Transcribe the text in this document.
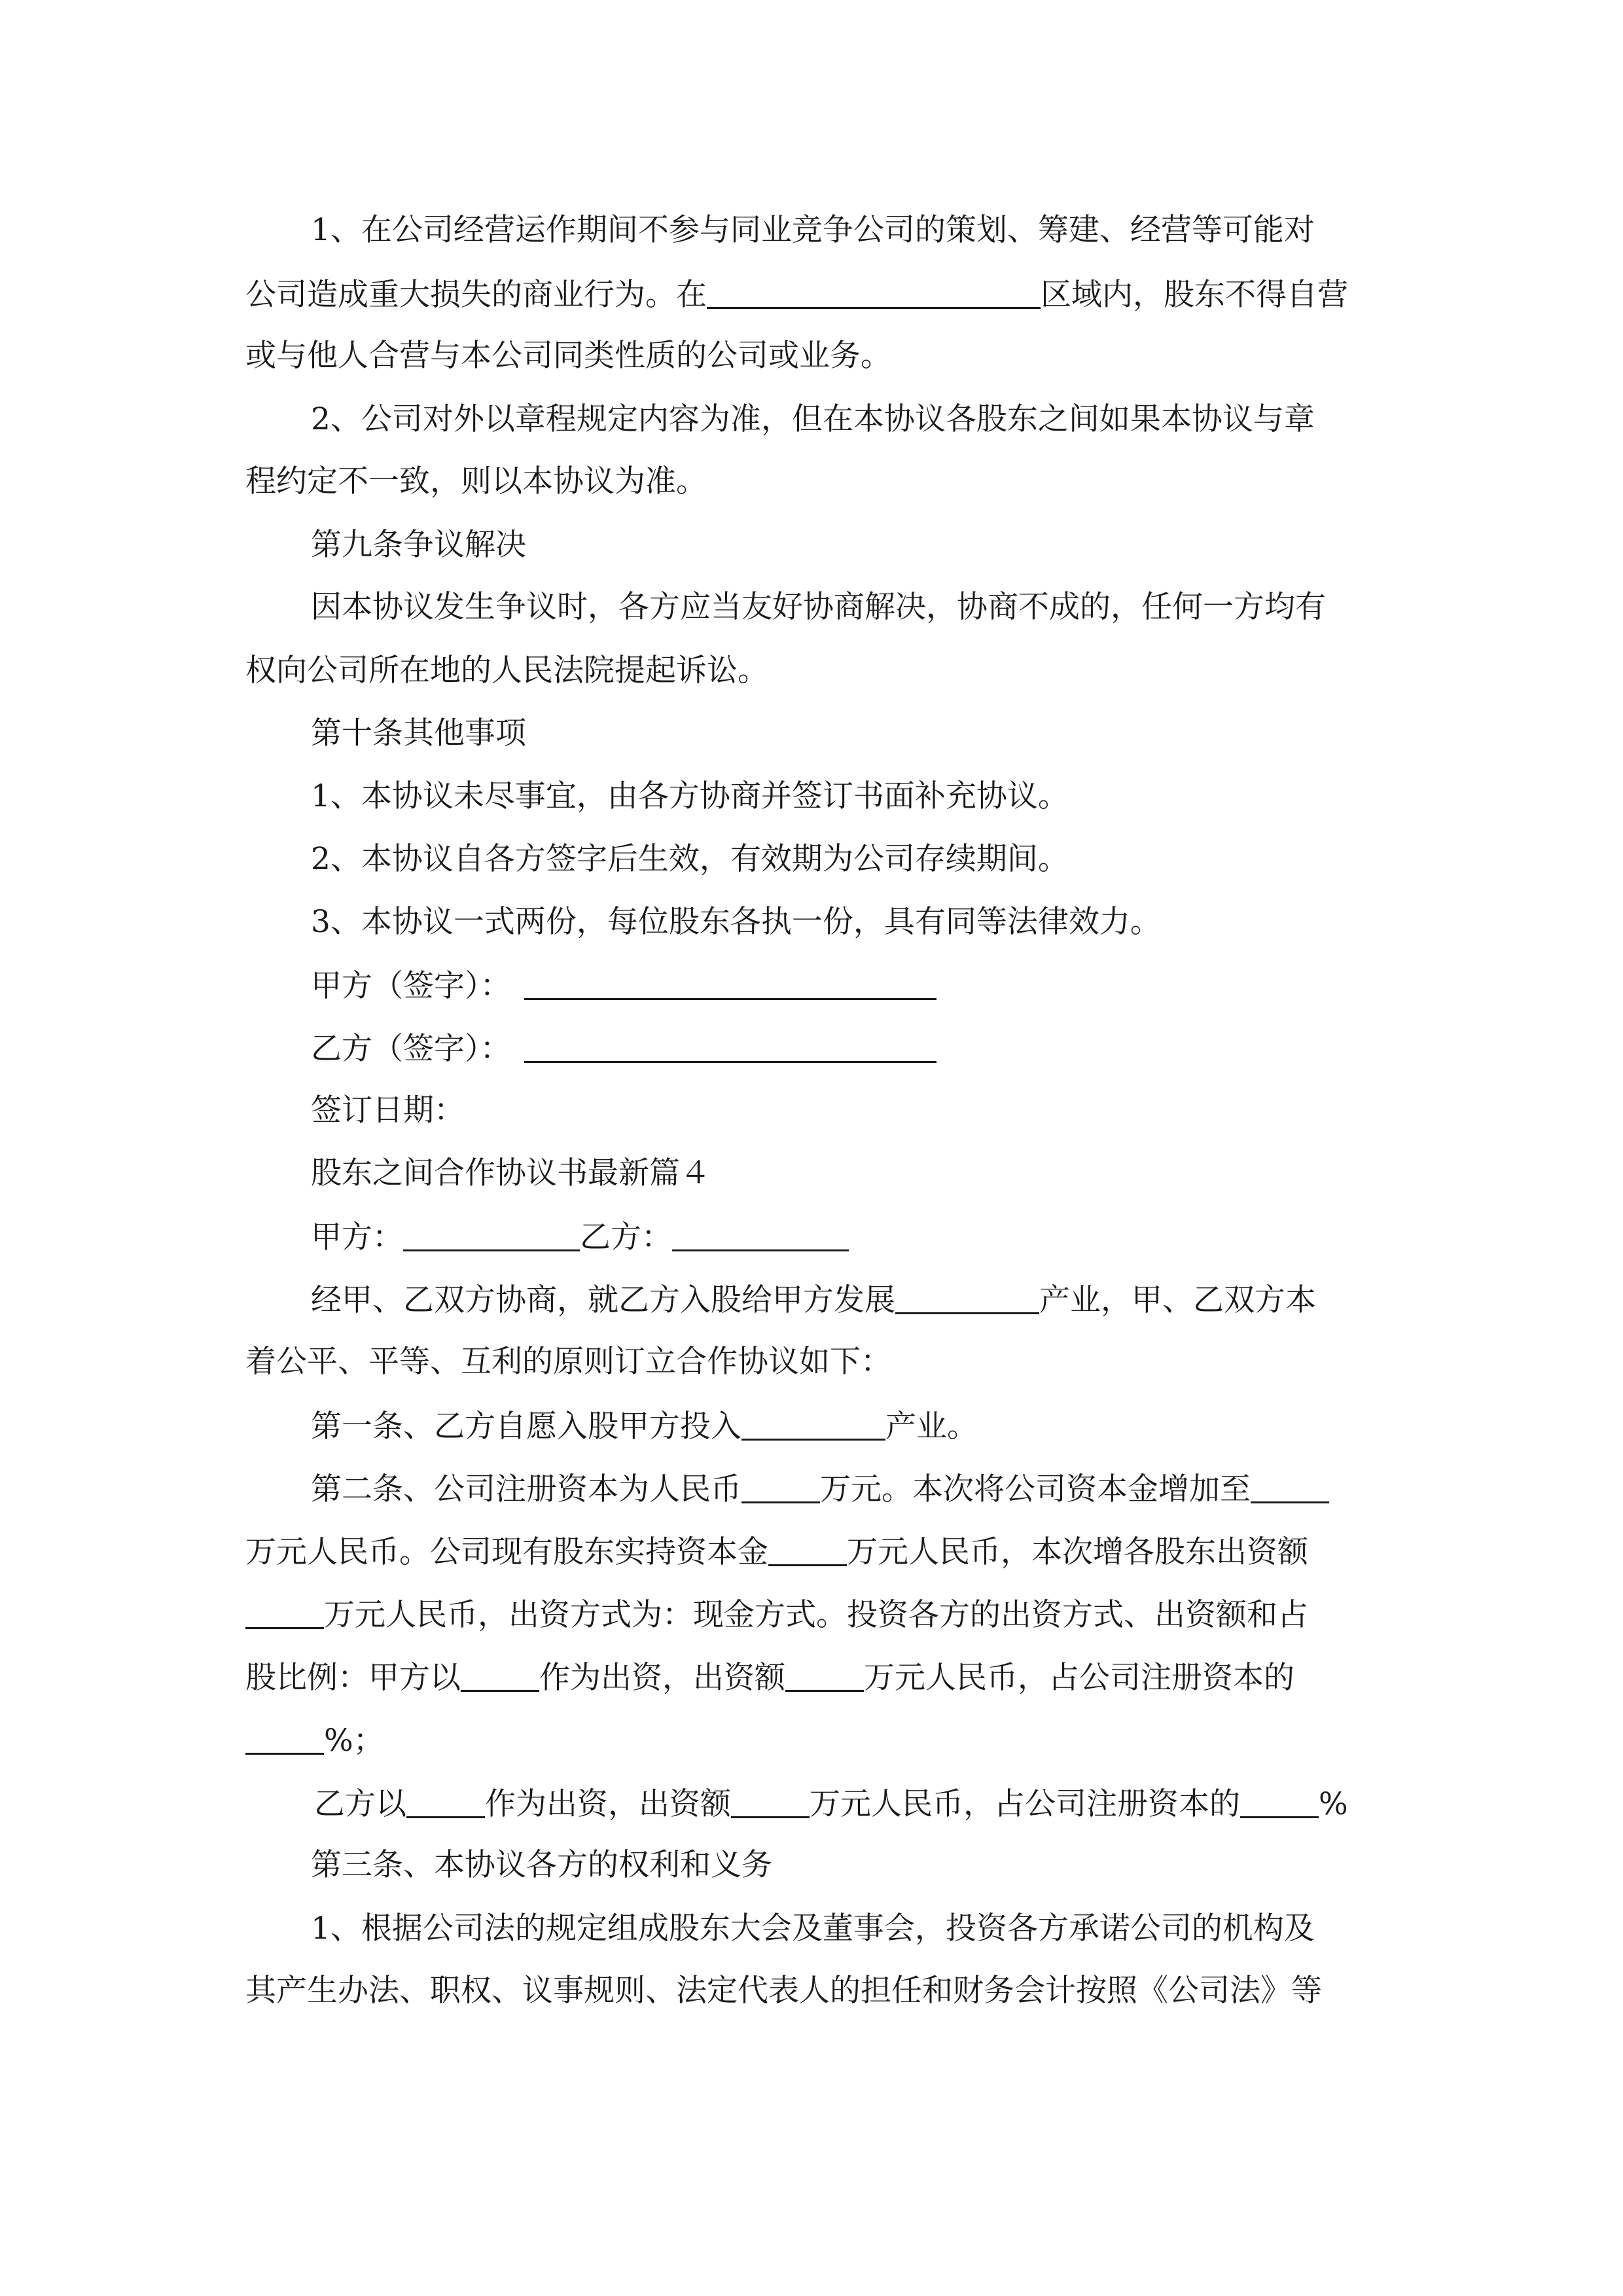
1、在公司经营运作期间不参与同业竞争公司的策划、筹建、经营等可能对
公司造成重大损失的商业行为。在	区域内，股东不得自营
或与他人合营与本公司同类性质的公司或业务。
2、公司对外以章程规定内容为准，但在本协议各股东之间如果本协议与章
程约定不一致，则以本协议为准。
第九条争议解决
因本协议发生争议时，各方应当友好协商解决，协商不成的，任何一方均有
权向公司所在地的人民法院提起诉讼。
第十条其他事项
1、本协议未尽事宜，由各方协商并签订书面补充协议。
2、本协议自各方签字后生效，有效期为公司存续期间。
3、本协议一式两份，每位股东各执一份，具有同等法律效力。
甲方（签字）：
乙方（签字）：
签订日期：
股东之间合作协议书最新篇４
甲方：	乙方：
经甲、乙双方协商，就乙方入股给甲方发展	产业，甲、乙双方本
着公平、平等、互利的原则订立合作协议如下：
第一条、乙方自愿入股甲方投入	产业。
第二条、公司注册资本为人民币	万元。本次将公司资本金增加至
万元人民币。公司现有股东实持资本金	万元人民币，本次增各股东出资额
万元人民币，出资方式为：现金方式。投资各方的出资方式、出资额和占
股比例：甲方以	作为出资，出资额	万元人民币，占公司注册资本的
%；
乙方以	作为出资，出资额	万元人民币，占公司注册资本的	%
第三条、本协议各方的权利和义务
1、根据公司法的规定组成股东大会及董事会，投资各方承诺公司的机构及
其产生办法、职权、议事规则、法定代表人的担任和财务会计按照《公司法》等
